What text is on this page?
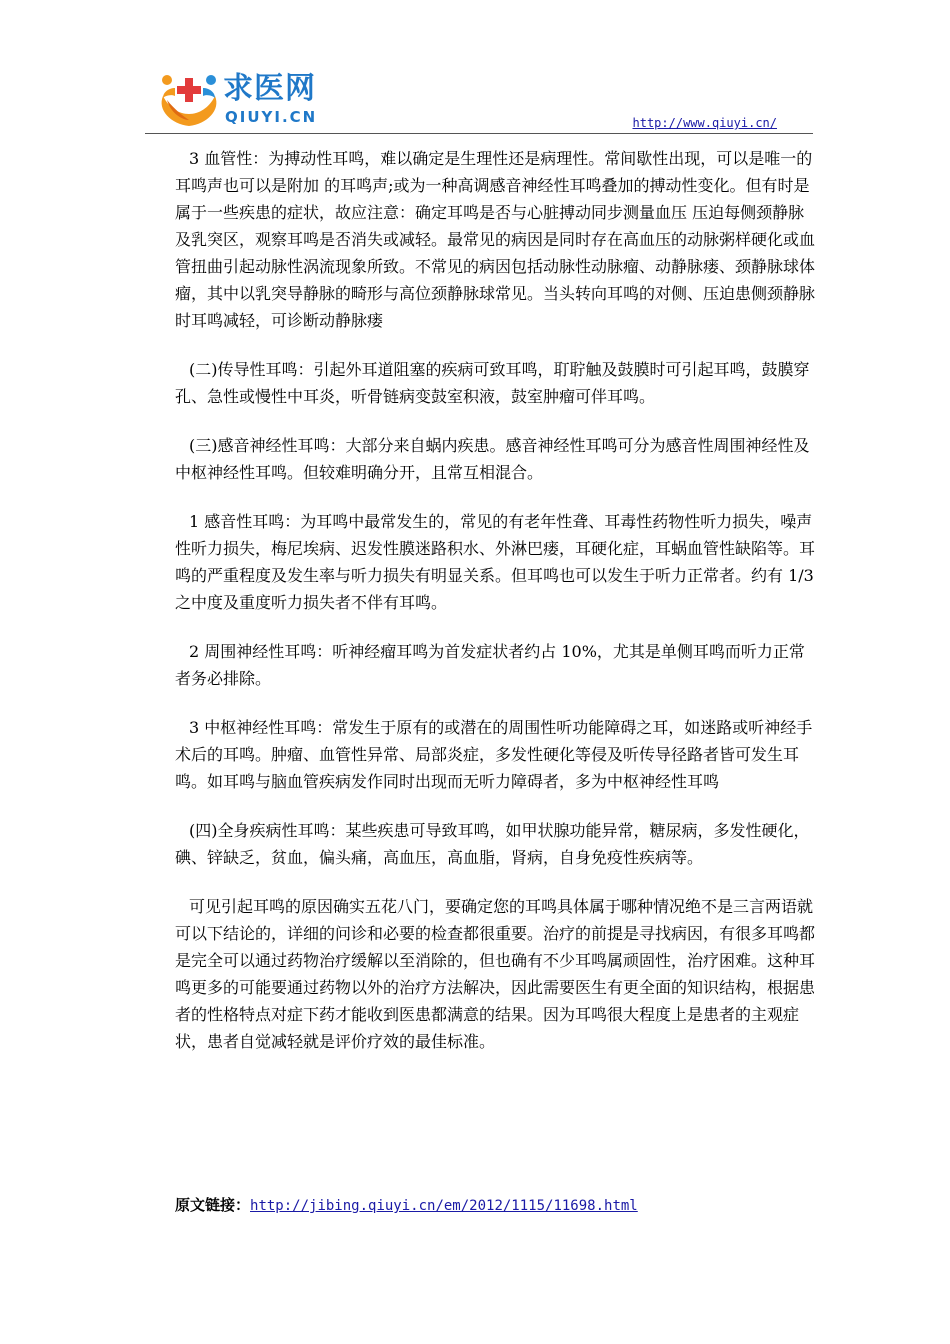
求医网
QIUYI.CN	http://www.qiuyi.cn/

3 血管性：为搏动性耳鸣，难以确定是生理性还是病理性。常间歇性出现，可以是唯一的耳鸣声也可以是附加 的耳鸣声;或为一种高调感音神经性耳鸣叠加的搏动性变化。但有时是属于一些疾患的症状，故应注意：确定耳鸣是否与心脏搏动同步测量血压 压迫每侧颈静脉及乳突区，观察耳鸣是否消失或减轻。最常见的病因是同时存在高血压的动脉粥样硬化或血管扭曲引起动脉性涡流现象所致。不常见的病因包括动脉性动脉瘤、动静脉瘘、颈静脉球体瘤，其中以乳突导静脉的畸形与高位颈静脉球常见。当头转向耳鸣的对侧、压迫患侧颈静脉时耳鸣减轻，可诊断动静脉瘘

(二)传导性耳鸣：引起外耳道阻塞的疾病可致耳鸣，耵聍触及鼓膜时可引起耳鸣，鼓膜穿孔、急性或慢性中耳炎，听骨链病变鼓室积液，鼓室肿瘤可伴耳鸣。

(三)感音神经性耳鸣：大部分来自蜗内疾患。感音神经性耳鸣可分为感音性周围神经性及中枢神经性耳鸣。但较难明确分开，且常互相混合。

1 感音性耳鸣：为耳鸣中最常发生的，常见的有老年性聋、耳毒性药物性听力损失，噪声性听力损失，梅尼埃病、迟发性膜迷路积水、外淋巴瘘，耳硬化症，耳蜗血管性缺陷等。耳鸣的严重程度及发生率与听力损失有明显关系。但耳鸣也可以发生于听力正常者。约有 1/3 之中度及重度听力损失者不伴有耳鸣。

2 周围神经性耳鸣：听神经瘤耳鸣为首发症状者约占 10%，尤其是单侧耳鸣而听力正常者务必排除。

3 中枢神经性耳鸣：常发生于原有的或潜在的周围性听功能障碍之耳，如迷路或听神经手术后的耳鸣。肿瘤、血管性异常、局部炎症，多发性硬化等侵及听传导径路者皆可发生耳鸣。如耳鸣与脑血管疾病发作同时出现而无听力障碍者，多为中枢神经性耳鸣

(四)全身疾病性耳鸣：某些疾患可导致耳鸣，如甲状腺功能异常，糖尿病，多发性硬化，碘、锌缺乏，贫血，偏头痛，高血压，高血脂，肾病，自身免疫性疾病等。

可见引起耳鸣的原因确实五花八门，要确定您的耳鸣具体属于哪种情况绝不是三言两语就可以下结论的，详细的问诊和必要的检查都很重要。治疗的前提是寻找病因，有很多耳鸣都是完全可以通过药物治疗缓解以至消除的，但也确有不少耳鸣属顽固性，治疗困难。这种耳鸣更多的可能要通过药物以外的治疗方法解决，因此需要医生有更全面的知识结构，根据患者的性格特点对症下药才能收到医患都满意的结果。因为耳鸣很大程度上是患者的主观症状，患者自觉减轻就是评价疗效的最佳标准。

原文链接：http://jibing.qiuyi.cn/em/2012/1115/11698.html
